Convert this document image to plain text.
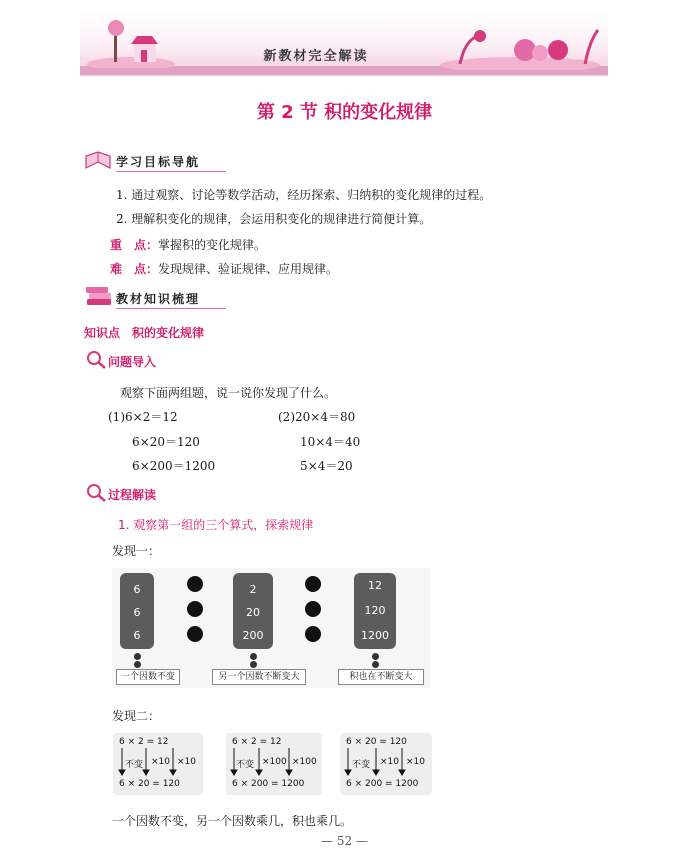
新教材完全解读
第 2 节 积的变化规律
学习目标导航
1. 通过观察、讨论等数学活动，经历探索、归纳积的变化规律的过程。
2. 理解积变化的规律，会运用积变化的规律进行简便计算。
重　点：掌握积的变化规律。
难　点：发现规律、验证规律、应用规律。
教材知识梳理
知识点　积的变化规律
问题导入
观察下面两组题，说一说你发现了什么。
(1)6×2＝12
6×20＝120
6×200＝1200
(2)20×4＝80
10×4＝40
5×4＝20
过程解读
1. 观察第一组的三个算式，探索规律
发现一：
6
6
6
2
20
200
12
120
1200
一个因数不变	另一个因数不断变大	积也在不断变大
发现二：
6 × 2 = 12
不变 ×10 ×10
6 × 20 = 120
6 × 2 = 12
不变 ×100 ×100
6 × 200 = 1200
6 × 20 = 120
不变 ×10 ×10
6 × 200 = 1200
一个因数不变，另一个因数乘几，积也乘几。
— 52 —
